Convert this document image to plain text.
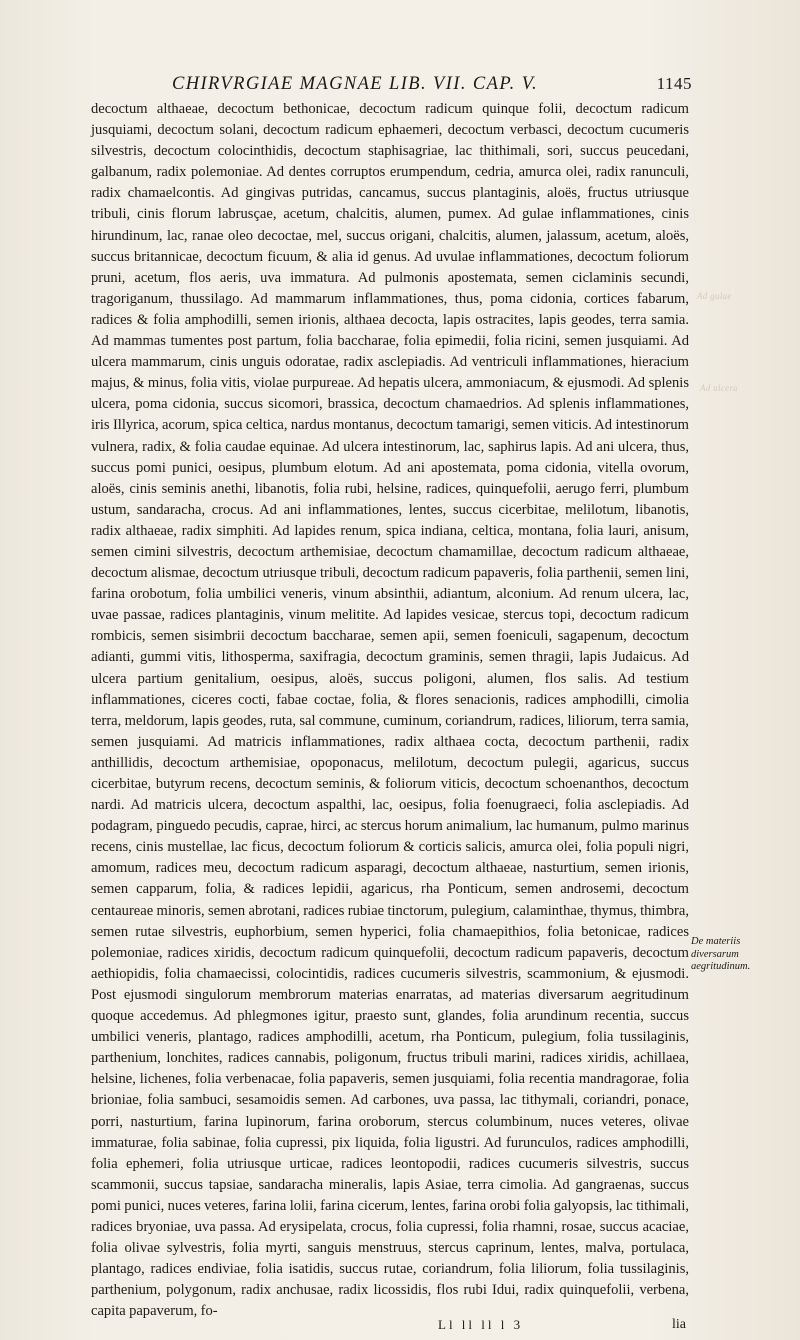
CHIRVRGIAE MAGNAE LIB. VII. CAP. V.	1145

decoctum althaeae, decoctum bethonicae, decoctum radicum quinque folii, decoctum radicum jusquiami, decoctum solani, decoctum radicum ephaemeri, decoctum verbasci, decoctum cucumeris silvestris, decoctum colocinthidis, decoctum staphisagriae, lac thithimali, sori, succus peucedani, galbanum, radix polemoniae. Ad dentes corruptos erumpendum, cedria, amurca olei, radix ranunculi, radix chamaelcontis. Ad gingivas putridas, cancamus, succus plantaginis, aloës, fructus utriusque tribuli, cinis florum labrusçae, acetum, chalcitis, alumen, pumex. Ad gulae inflammationes, cinis hirundinum, lac, ranae oleo decoctae, mel, succus origani, chalcitis, alumen, jalassum, acetum, aloës, succus britannicae, decoctum ficuum, & alia id genus. Ad uvulae inflammationes, decoctum foliorum pruni, acetum, flos aeris, uva immatura. Ad pulmonis apostemata, semen ciclaminis secundi, tragoriganum, thussilago. Ad mammarum inflammationes, thus, poma cidonia, cortices fabarum, radices & folia amphodilli, semen irionis, althaea decocta, lapis ostracites, lapis geodes, terra samia. Ad mammas tumentes post partum, folia baccharae, folia epimedii, folia ricini, semen jusquiami. Ad ulcera mammarum, cinis unguis odoratae, radix asclepiadis. Ad ventriculi inflammationes, hieracium majus, & minus, folia vitis, violae purpureae. Ad hepatis ulcera, ammoniacum, & ejusmodi. Ad splenis ulcera, poma cidonia, succus sicomori, brassica, decoctum chamaedrios. Ad splenis inflammationes, iris Illyrica, acorum, spica celtica, nardus montanus, decoctum tamarigi, semen viticis. Ad intestinorum vulnera, radix, & folia caudae equinae. Ad ulcera intestinorum, lac, saphirus lapis. Ad ani ulcera, thus, succus pomi punici, oesipus, plumbum elotum. Ad ani apostemata, poma cidonia, vitella ovorum, aloës, cinis seminis anethi, libanotis, folia rubi, helsine, radices, quinquefolii, aerugo ferri, plumbum ustum, sandaracha, crocus. Ad ani inflammationes, lentes, succus cicerbitae, melilotum, libanotis, radix althaeae, radix simphiti. Ad lapides renum, spica indiana, celtica, montana, folia lauri, anisum, semen cimini silvestris, decoctum arthemisiae, decoctum chamamillae, decoctum radicum althaeae, decoctum alismae, decoctum utriusque tribuli, decoctum radicum papaveris, folia parthenii, semen lini, farina orobotum, folia umbilici veneris, vinum absinthii, adiantum, alconium. Ad renum ulcera, lac, uvae passae, radices plantaginis, vinum melitite. Ad lapides vesicae, stercus topi, decoctum radicum rombicis, semen sisimbrii decoctum baccharae, semen apii, semen foeniculi, sagapenum, decoctum adianti, gummi vitis, lithosperma, saxifragia, decoctum graminis, semen thragii, lapis Judaicus. Ad ulcera partium genitalium, oesipus, aloës, succus poligoni, alumen, flos salis. Ad testium inflammationes, ciceres cocti, fabae coctae, folia, & flores senacionis, radices amphodilli, cimolia terra, meldorum, lapis geodes, ruta, sal commune, cuminum, coriandrum, radices, liliorum, terra samia, semen jusquiami. Ad matricis inflammationes, radix althaea cocta, decoctum parthenii, radix anthillidis, decoctum arthemisiae, opoponacus, melilotum, decoctum pulegii, agaricus, succus cicerbitae, butyrum recens, decoctum seminis, & foliorum viticis, decoctum schoenanthos, decoctum nardi. Ad matricis ulcera, decoctum aspalthi, lac, oesipus, folia foenugraeci, folia asclepiadis. Ad podagram, pinguedo pecudis, caprae, hirci, ac stercus horum animalium, lac humanum, pulmo marinus recens, cinis mustellae, lac ficus, decoctum foliorum & corticis salicis, amurca olei, folia populi nigri, amomum, radices meu, decoctum radicum asparagi, decoctum althaeae, nasturtium, semen irionis, semen capparum, folia, & radices lepidii, agaricus, rha Ponticum, semen androsemi, decoctum centaureae minoris, semen abrotani, radices rubiae tinctorum, pulegium, calaminthae, thymus, thimbra, semen rutae silvestris, euphorbium, semen hyperici, folia chamaepithios, folia betonicae, radices polemoniae, radices xiridis, decoctum radicum quinquefolii, decoctum radicum papaveris, decoctum aethiopidis, folia chamaecissi, colocintidis, radices cucumeris silvestris, scammonium, & ejusmodi. Post ejusmodi singulorum membrorum materias enarratas, ad materias diversarum aegritudinum quoque accedemus. Ad phlegmones igitur, praesto sunt, glandes, folia arundinum recentia, succus umbilici veneris, plantago, radices amphodilli, acetum, rha Ponticum, pulegium, folia tussilaginis, parthenium, lonchites, radices cannabis, poligonum, fructus tribuli marini, radices xiridis, achillaea, helsine, lichenes, folia verbenacae, folia papaveris, semen jusquiami, folia recentia mandragorae, folia brioniae, folia sambuci, sesamoidis semen. Ad carbones, uva passa, lac tithymali, coriandri, ponace, porri, nasturtium, farina lupinorum, farina oroborum, stercus columbinum, nuces veteres, olivae immaturae, folia sabinae, folia cupressi, pix liquida, folia ligustri. Ad furunculos, radices amphodilli, folia ephemeri, folia utriusque urticae, radices leontopodii, radices cucumeris silvestris, succus scammonii, succus tapsiae, sandaracha mineralis, lapis Asiae, terra cimolia. Ad gangraenas, succus pomi punici, nuces veteres, farina lolii, farina cicerum, lentes, farina orobi folia galyopsis, lac tithimali, radices bryoniae, uva passa. Ad erysipelata, crocus, folia cupressi, folia rhamni, rosae, succus acaciae, folia olivae sylvestris, folia myrti, sanguis menstruus, stercus caprinum, lentes, malva, portulaca, plantago, radices endiviae, folia isatidis, succus rutae, coriandrum, folia liliorum, folia tussilaginis, parthenium, polygonum, radix anchusae, radix licossidis, flos rubi Idui, radix quinquefolii, verbena, capita papaverum, fo-

Ad gulae
Ad ulcera
De materiis diversarum aegritudinum.
Ll ll ll l 3	lia
